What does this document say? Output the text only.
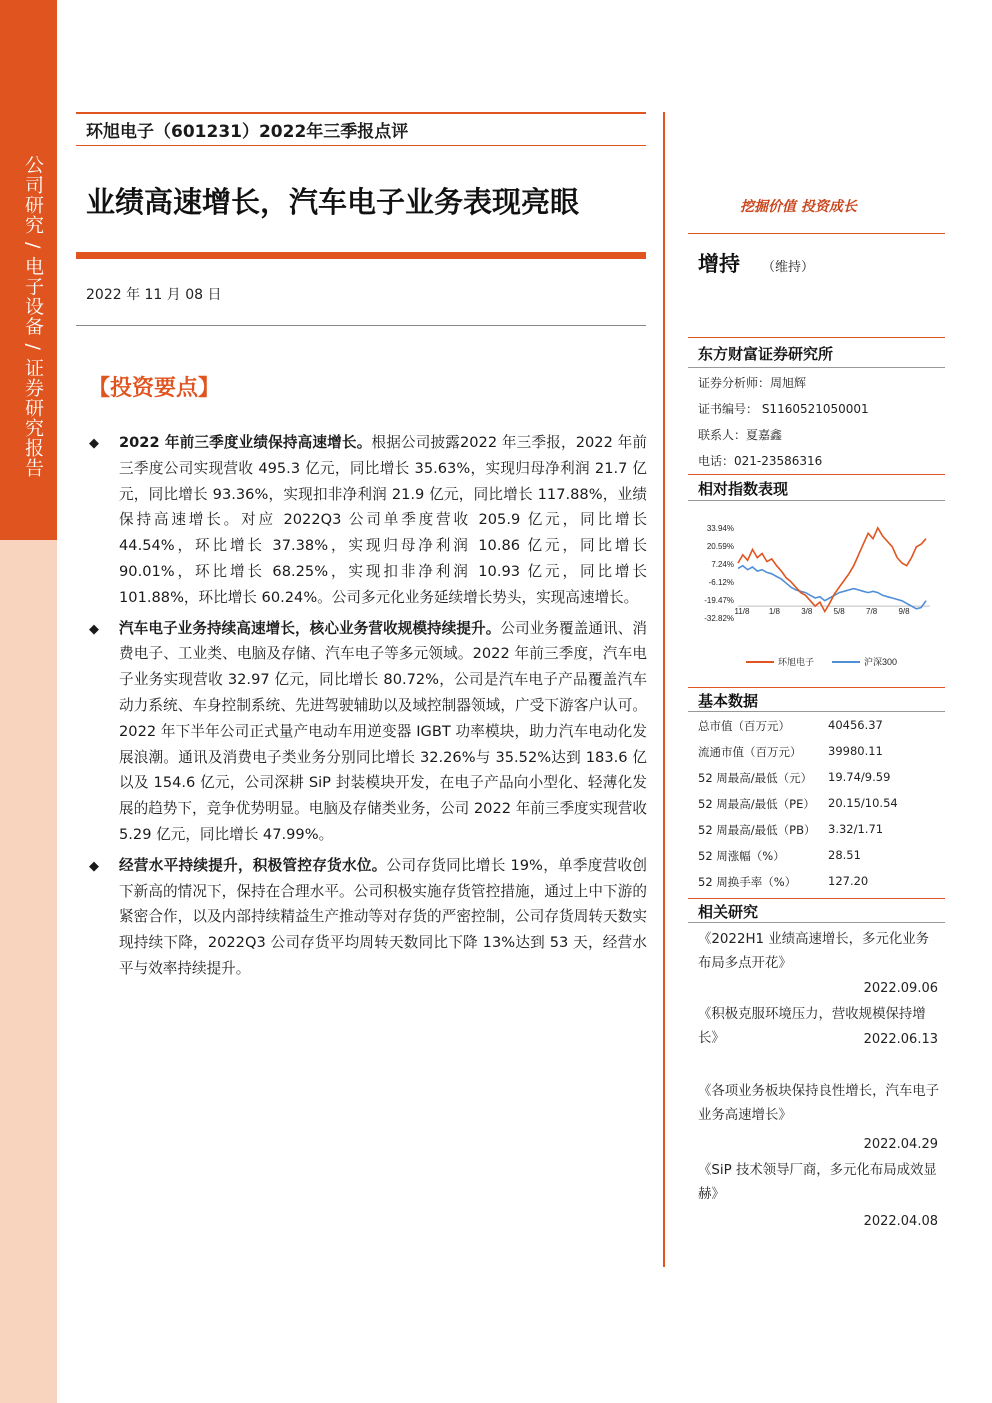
公司研究 / 电子设备 / 证券研究报告
环旭电子（601231）2022年三季报点评
业绩高速增长，汽车电子业务表现亮眼
2022 年 11 月 08 日
挖掘价值 投资成长
增持 （维持）
东方财富证券研究所
证券分析师：周旭辉
证书编号： S1160521050001
联系人：夏嘉鑫
电话：021-23586316
相对指数表现
33.94%
20.59%
7.24%
-6.12%
-19.47%
-32.82%
11/8 1/8	3/8	5/8	7/8	9/8
环旭电子	沪深300
基本数据
总市值（百万元）	40456.37
流通市值（百万元） 39980.11
52 周最高/最低（元） 19.74/9.59
52 周最高/最低（PE） 20.15/10.54
52 周最高/最低（PB） 3.32/1.71
52 周涨幅（%）	28.51
52 周换手率（%）	127.20
相关研究
《2022H1 业绩高速增长，多元化业务布局多点开花》
2022.09.06
《积极克服环境压力，营收规模保持增长》	2022.06.13
《各项业务板块保持良性增长，汽车电子业务高速增长》
2022.04.29
《SiP 技术领导厂商，多元化布局成效显赫》
2022.04.08
【投资要点】
◆ 2022 年前三季度业绩保持高速增长。根据公司披露2022 年三季报，2022 年前三季度公司实现营收 495.3 亿元，同比增长 35.63%，实现归母净利润 21.7 亿元，同比增长 93.36%，实现扣非净利润 21.9 亿元，同比增长 117.88%，业绩保持高速增长。对应 2022Q3 公司单季度营收 205.9 亿元，同比增长 44.54%，环比增长 37.38%，实现归母净利润 10.86 亿元，同比增长 90.01%，环比增长 68.25%，实现扣非净利润 10.93 亿元，同比增长 101.88%，环比增长 60.24%。公司多元化业务延续增长势头，实现高速增长。
◆ 汽车电子业务持续高速增长，核心业务营收规模持续提升。公司业务覆盖通讯、消费电子、工业类、电脑及存储、汽车电子等多元领域。2022 年前三季度，汽车电子业务实现营收 32.97 亿元，同比增长 80.72%，公司是汽车电子产品覆盖汽车动力系统、车身控制系统、先进驾驶辅助以及域控制器领域，广受下游客户认可。2022 年下半年公司正式量产电动车用逆变器 IGBT 功率模块，助力汽车电动化发展浪潮。通讯及消费电子类业务分别同比增长 32.26%与 35.52%达到 183.6 亿以及 154.6 亿元，公司深耕 SiP 封装模块开发，在电子产品向小型化、轻薄化发展的趋势下，竞争优势明显。电脑及存储类业务，公司 2022 年前三季度实现营收 5.29 亿元，同比增长 47.99%。
◆ 经营水平持续提升，积极管控存货水位。公司存货同比增长 19%，单季度营收创下新高的情况下，保持在合理水平。公司积极实施存货管控措施，通过上中下游的紧密合作，以及内部持续精益生产推动等对存货的严密控制，公司存货周转天数实现持续下降，2022Q3 公司存货平均周转天数同比下降 13%达到 53 天，经营水平与效率持续提升。
